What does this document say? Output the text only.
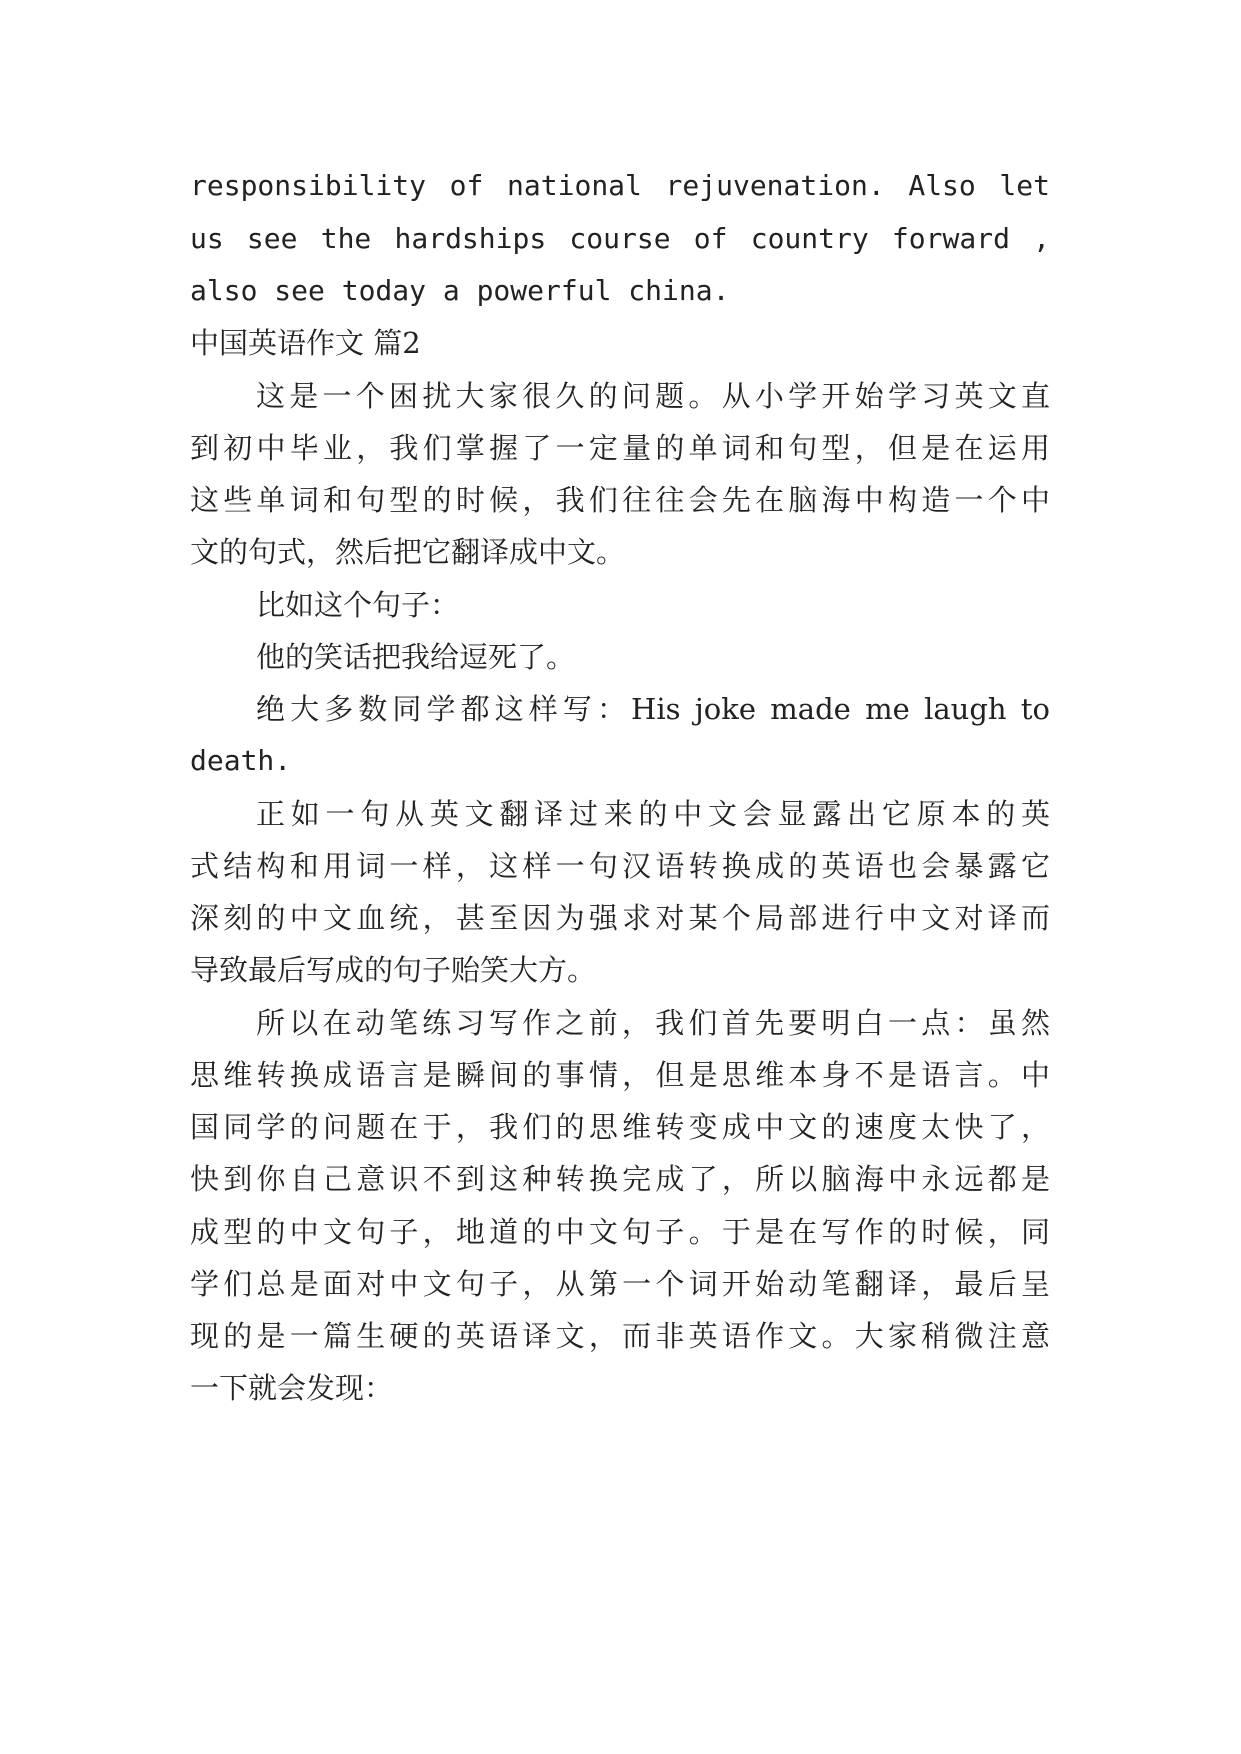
responsibility of national rejuvenation. Also let
us see the hardships course of country forward ,
also see today a powerful china.
中国英语作文 篇2
这是一个困扰大家很久的问题。从小学开始学习英文直
到初中毕业，我们掌握了一定量的单词和句型，但是在运用
这些单词和句型的时候，我们往往会先在脑海中构造一个中
文的句式，然后把它翻译成中文。
比如这个句子：
他的笑话把我给逗死了。
绝大多数同学都这样写：His joke made me laugh to
death.
正如一句从英文翻译过来的中文会显露出它原本的英
式结构和用词一样，这样一句汉语转换成的英语也会暴露它
深刻的中文血统，甚至因为强求对某个局部进行中文对译而
导致最后写成的句子贻笑大方。
所以在动笔练习写作之前，我们首先要明白一点：虽然
思维转换成语言是瞬间的事情，但是思维本身不是语言。中
国同学的问题在于，我们的思维转变成中文的速度太快了，
快到你自己意识不到这种转换完成了，所以脑海中永远都是
成型的中文句子，地道的中文句子。于是在写作的时候，同
学们总是面对中文句子，从第一个词开始动笔翻译，最后呈
现的是一篇生硬的英语译文，而非英语作文。大家稍微注意
一下就会发现：
